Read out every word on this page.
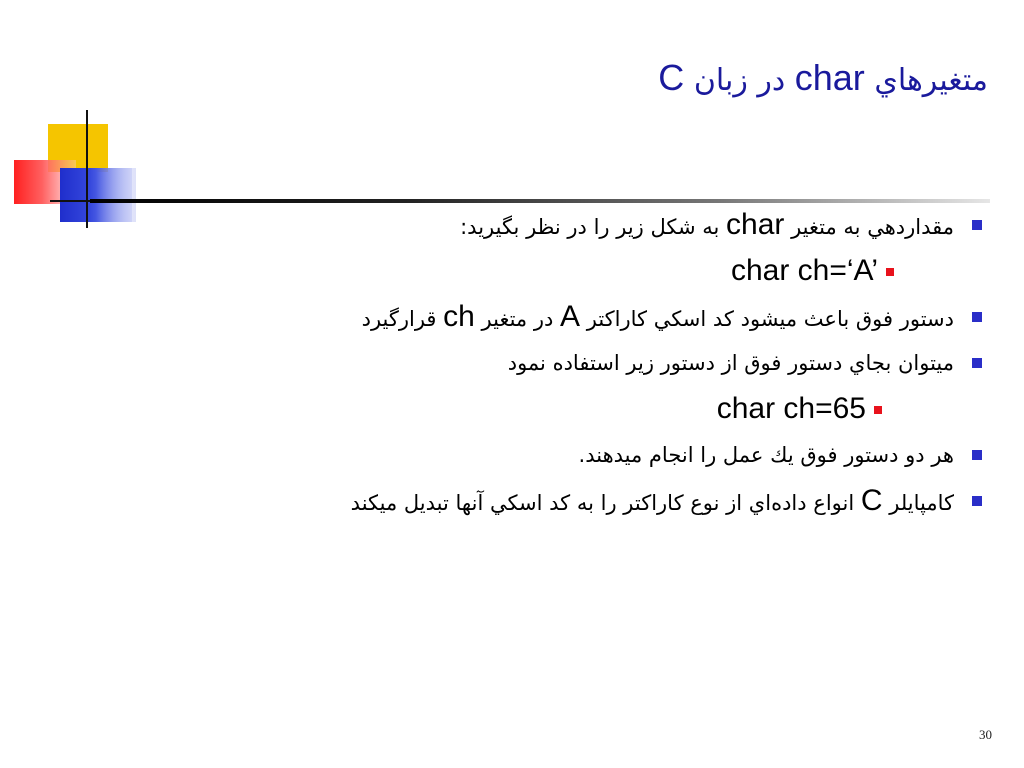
متغيرهاي char در زبان C
مقداردهي به متغير char به شكل زير را در نظر بگيريد:
char ch=‘A’
دستور فوق باعث ميشود كد اسكي كاراكتر A در متغير ch قرارگيرد
ميتوان بجاي دستور فوق از دستور زير استفاده نمود
char ch=65
هر دو دستور فوق يك عمل را انجام ميدهند.
كامپايلر C انواع داده‌اي از نوع كاراكتر را به كد اسكي آنها تبديل ميكند
30
